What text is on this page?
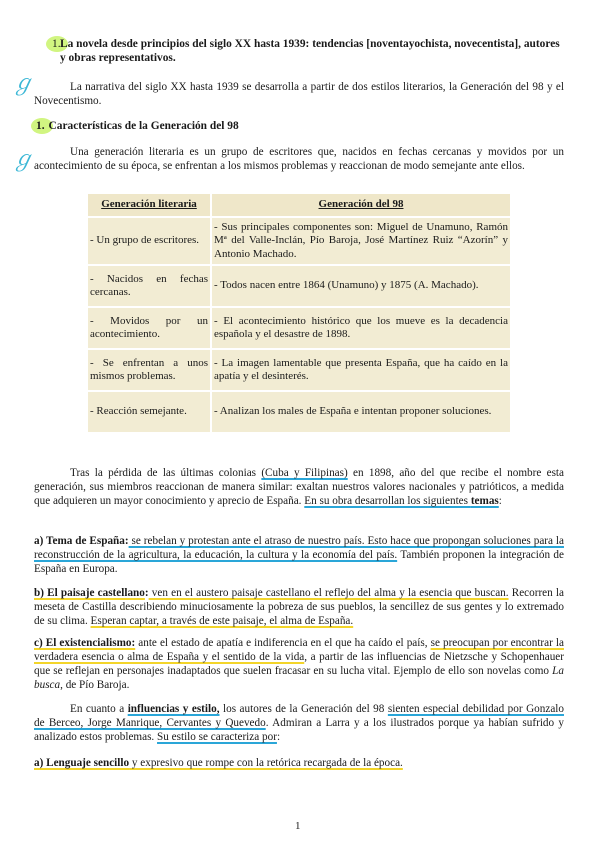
1. La novela desde principios del siglo XX hasta 1939: tendencias [noventayochista, novecentista], autores y obras representativos.
ℊ	La narrativa del siglo XX hasta 1939 se desarrolla a partir de dos estilos literarios, la Generación del 98 y el Novecentismo.
1. Características de la Generación del 98
ℊ	Una generación literaria es un grupo de escritores que, nacidos en fechas cercanas y movidos por un acontecimiento de su época, se enfrentan a los mismos problemas y reaccionan de modo semejante ante ellos.
Generación literaria	Generación del 98
- Un grupo de escritores.	- Sus principales componentes son: Miguel de Unamuno, Ramón Mª del Valle-Inclán, Pío Baroja, José Martínez Ruiz “Azorín” y Antonio Machado.
- Nacidos en fechas cercanas.	- Todos nacen entre 1864 (Unamuno) y 1875 (A. Machado).
- Movidos por un acontecimiento.	- El acontecimiento histórico que los mueve es la decadencia española y el desastre de 1898.
- Se enfrentan a unos mismos problemas.	- La imagen lamentable que presenta España, que ha caído en la apatía y el desinterés.
- Reacción semejante.	- Analizan los males de España e intentan proponer soluciones.
Tras la pérdida de las últimas colonias (Cuba y Filipinas) en 1898, año del que recibe el nombre esta generación, sus miembros reaccionan de manera similar: exaltan nuestros valores nacionales y patrióticos, a medida que adquieren un mayor conocimiento y aprecio de España. En su obra desarrollan los siguientes temas:
a) Tema de España: se rebelan y protestan ante el atraso de nuestro país. Esto hace que propongan soluciones para la reconstrucción de la agricultura, la educación, la cultura y la economía del país. También proponen la integración de España en Europa.
b) El paisaje castellano: ven en el austero paisaje castellano el reflejo del alma y la esencia que buscan. Recorren la meseta de Castilla describiendo minuciosamente la pobreza de sus pueblos, la sencillez de sus gentes y lo extremado de su clima. Esperan captar, a través de este paisaje, el alma de España.
c) El existencialismo: ante el estado de apatía e indiferencia en el que ha caído el país, se preocupan por encontrar la verdadera esencia o alma de España y el sentido de la vida, a partir de las influencias de Nietzsche y Schopenhauer que se reflejan en personajes inadaptados que suelen fracasar en su lucha vital. Ejemplo de ello son novelas como La busca, de Pío Baroja.
En cuanto a influencias y estilo, los autores de la Generación del 98 sienten especial debilidad por Gonzalo de Berceo, Jorge Manrique, Cervantes y Quevedo. Admiran a Larra y a los ilustrados porque ya habían sufrido y analizado estos problemas. Su estilo se caracteriza por:
a) Lenguaje sencillo y expresivo que rompe con la retórica recargada de la época.
1
